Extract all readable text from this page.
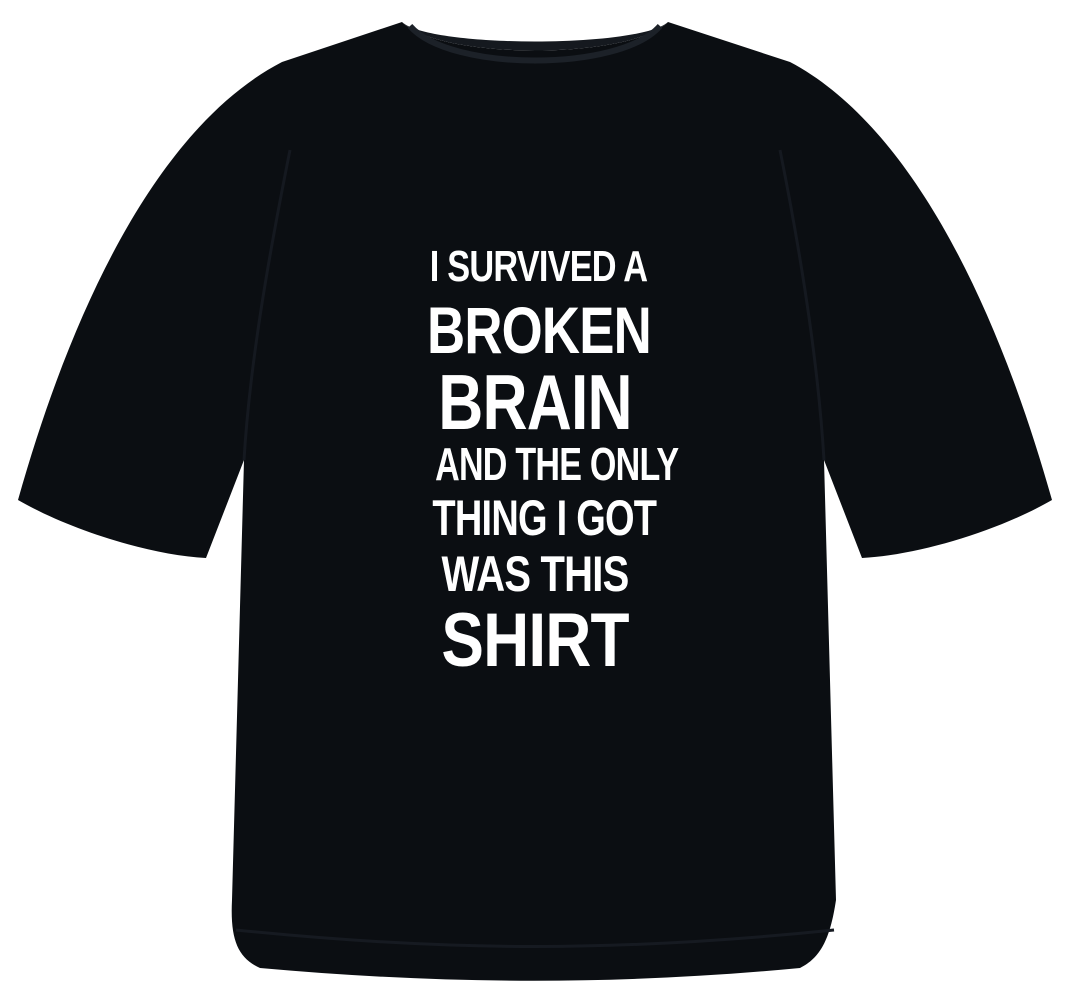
I SURVIVED A
BROKEN
BRAIN
AND THE ONLY
THING I GOT
WAS THIS
SHIRT
